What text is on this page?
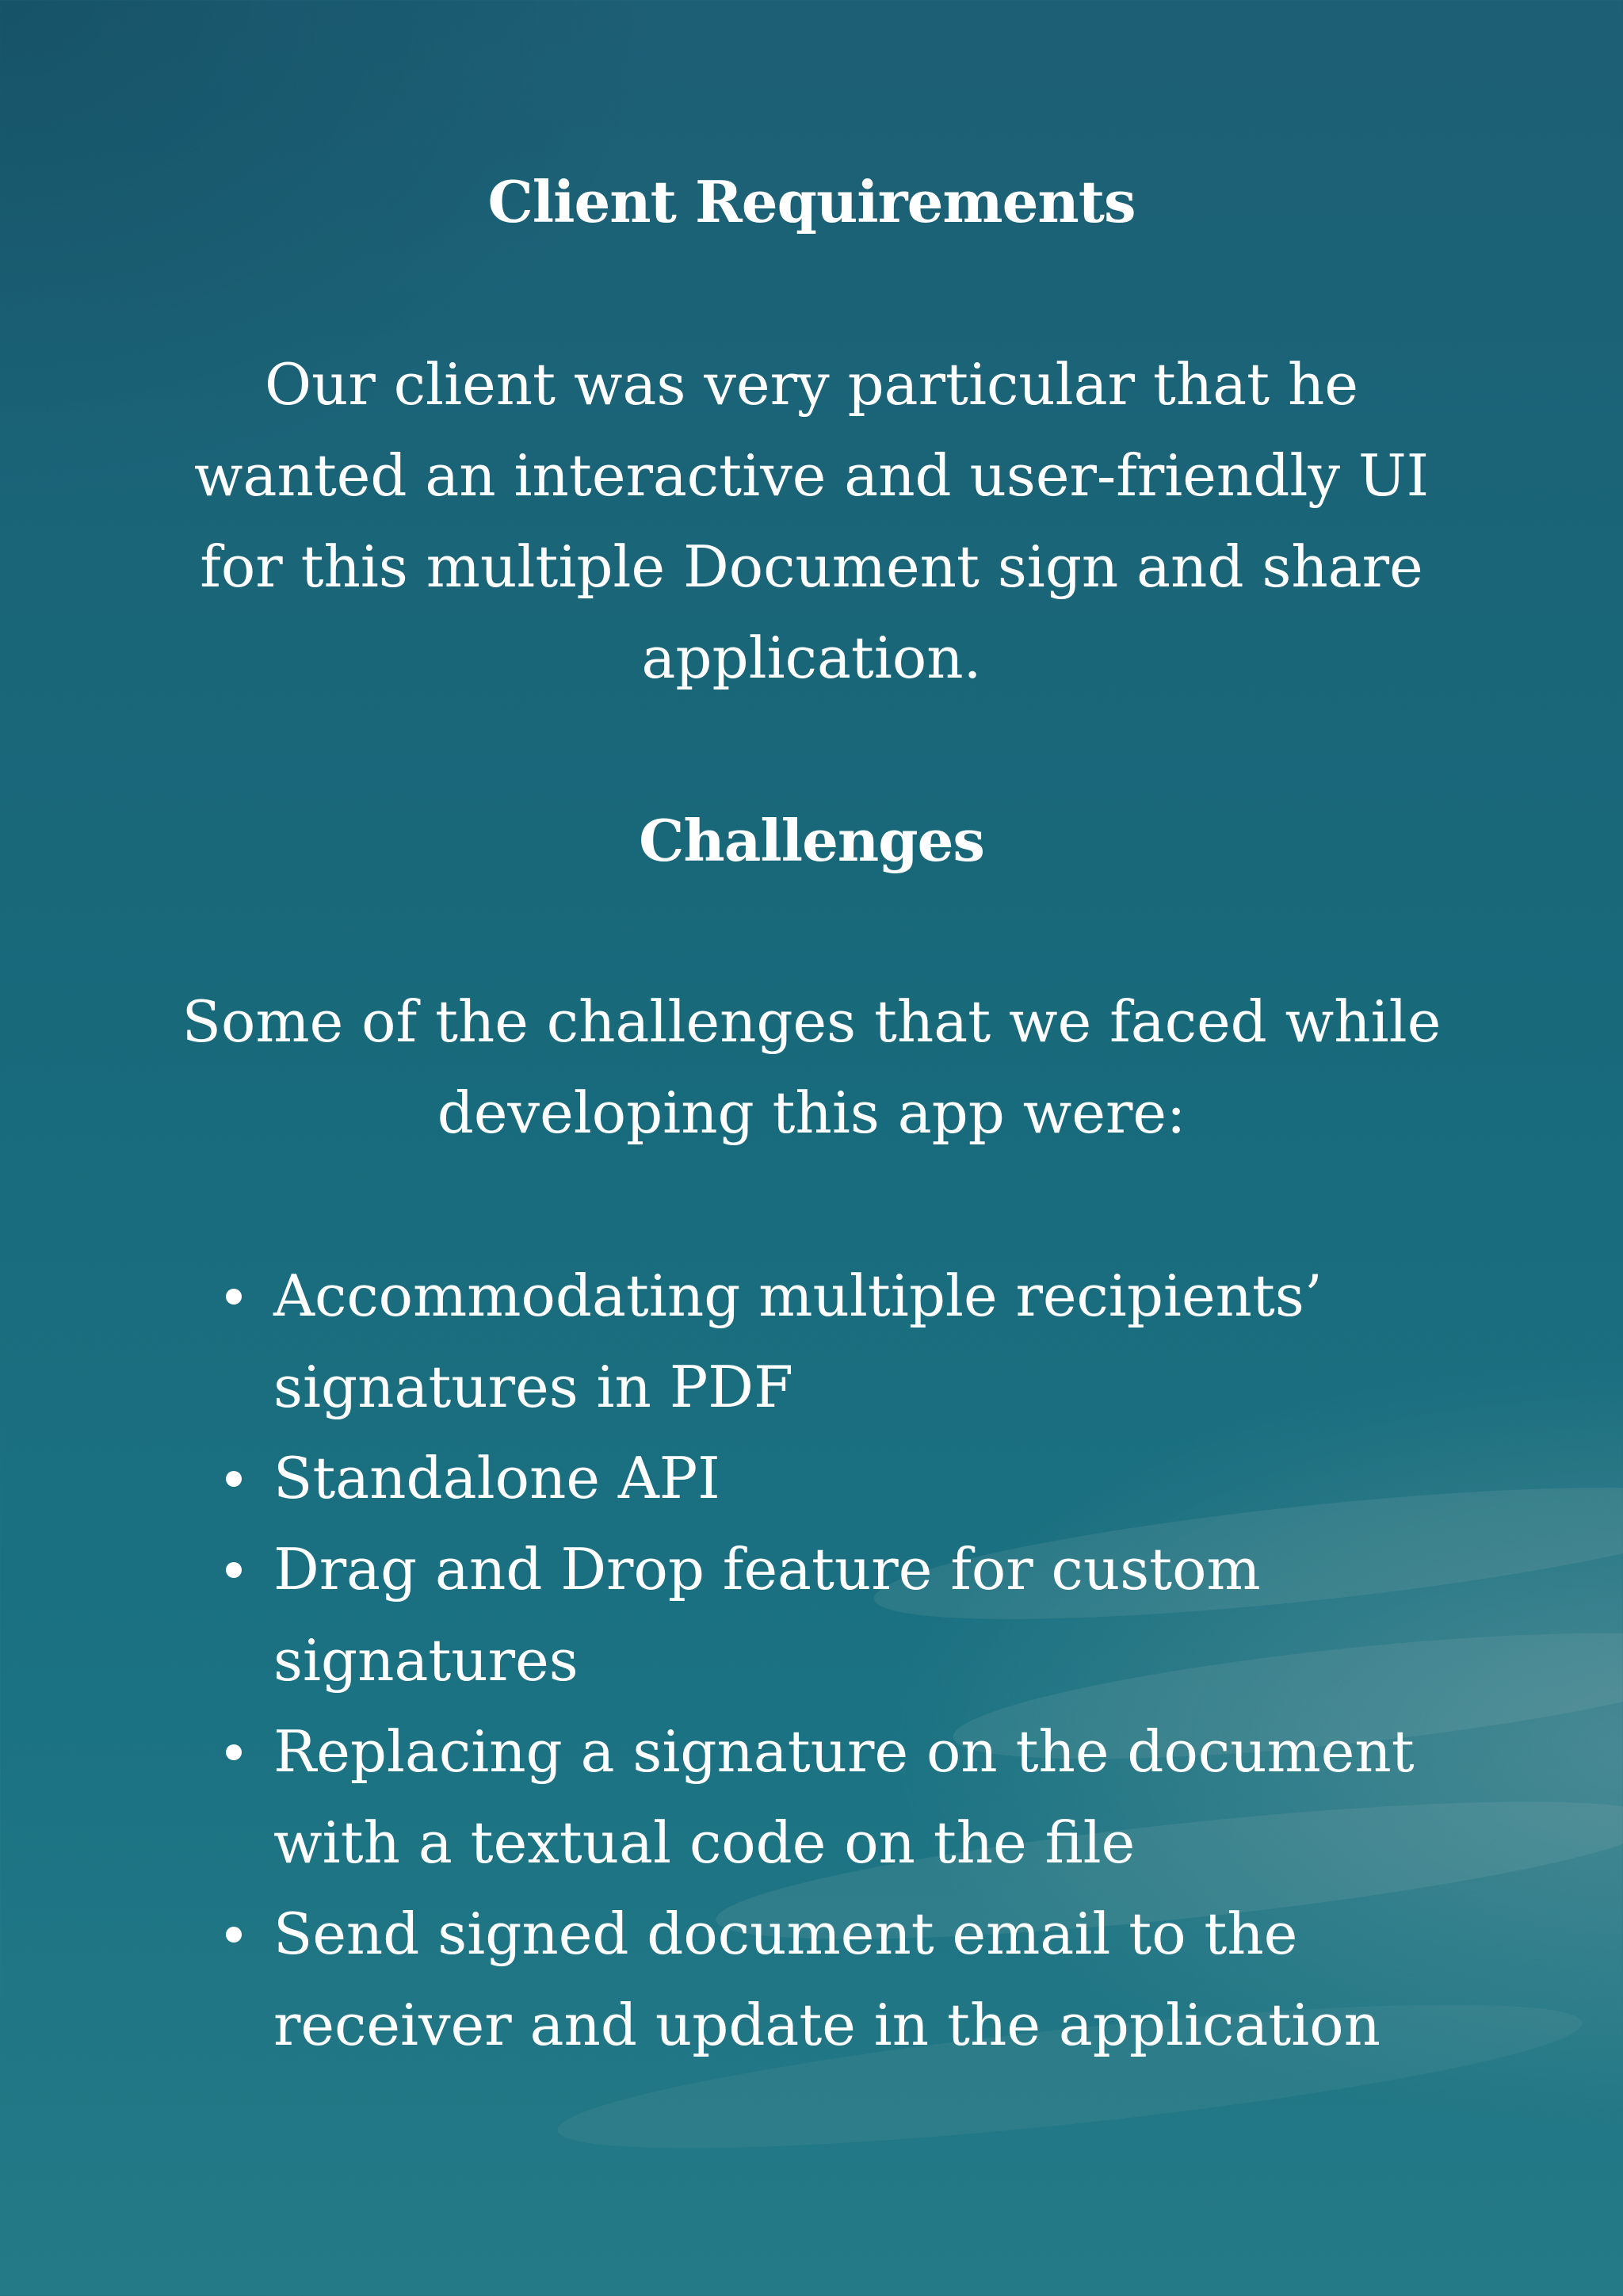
Client Requirements

Our client was very particular that he wanted an interactive and user-friendly UI for this multiple Document sign and share application.

Challenges

Some of the challenges that we faced while developing this app were:

Accommodating multiple recipients’ signatures in PDF
Standalone API
Drag and Drop feature for custom signatures
Replacing a signature on the document with a textual code on the file
Send signed document email to the receiver and update in the application
